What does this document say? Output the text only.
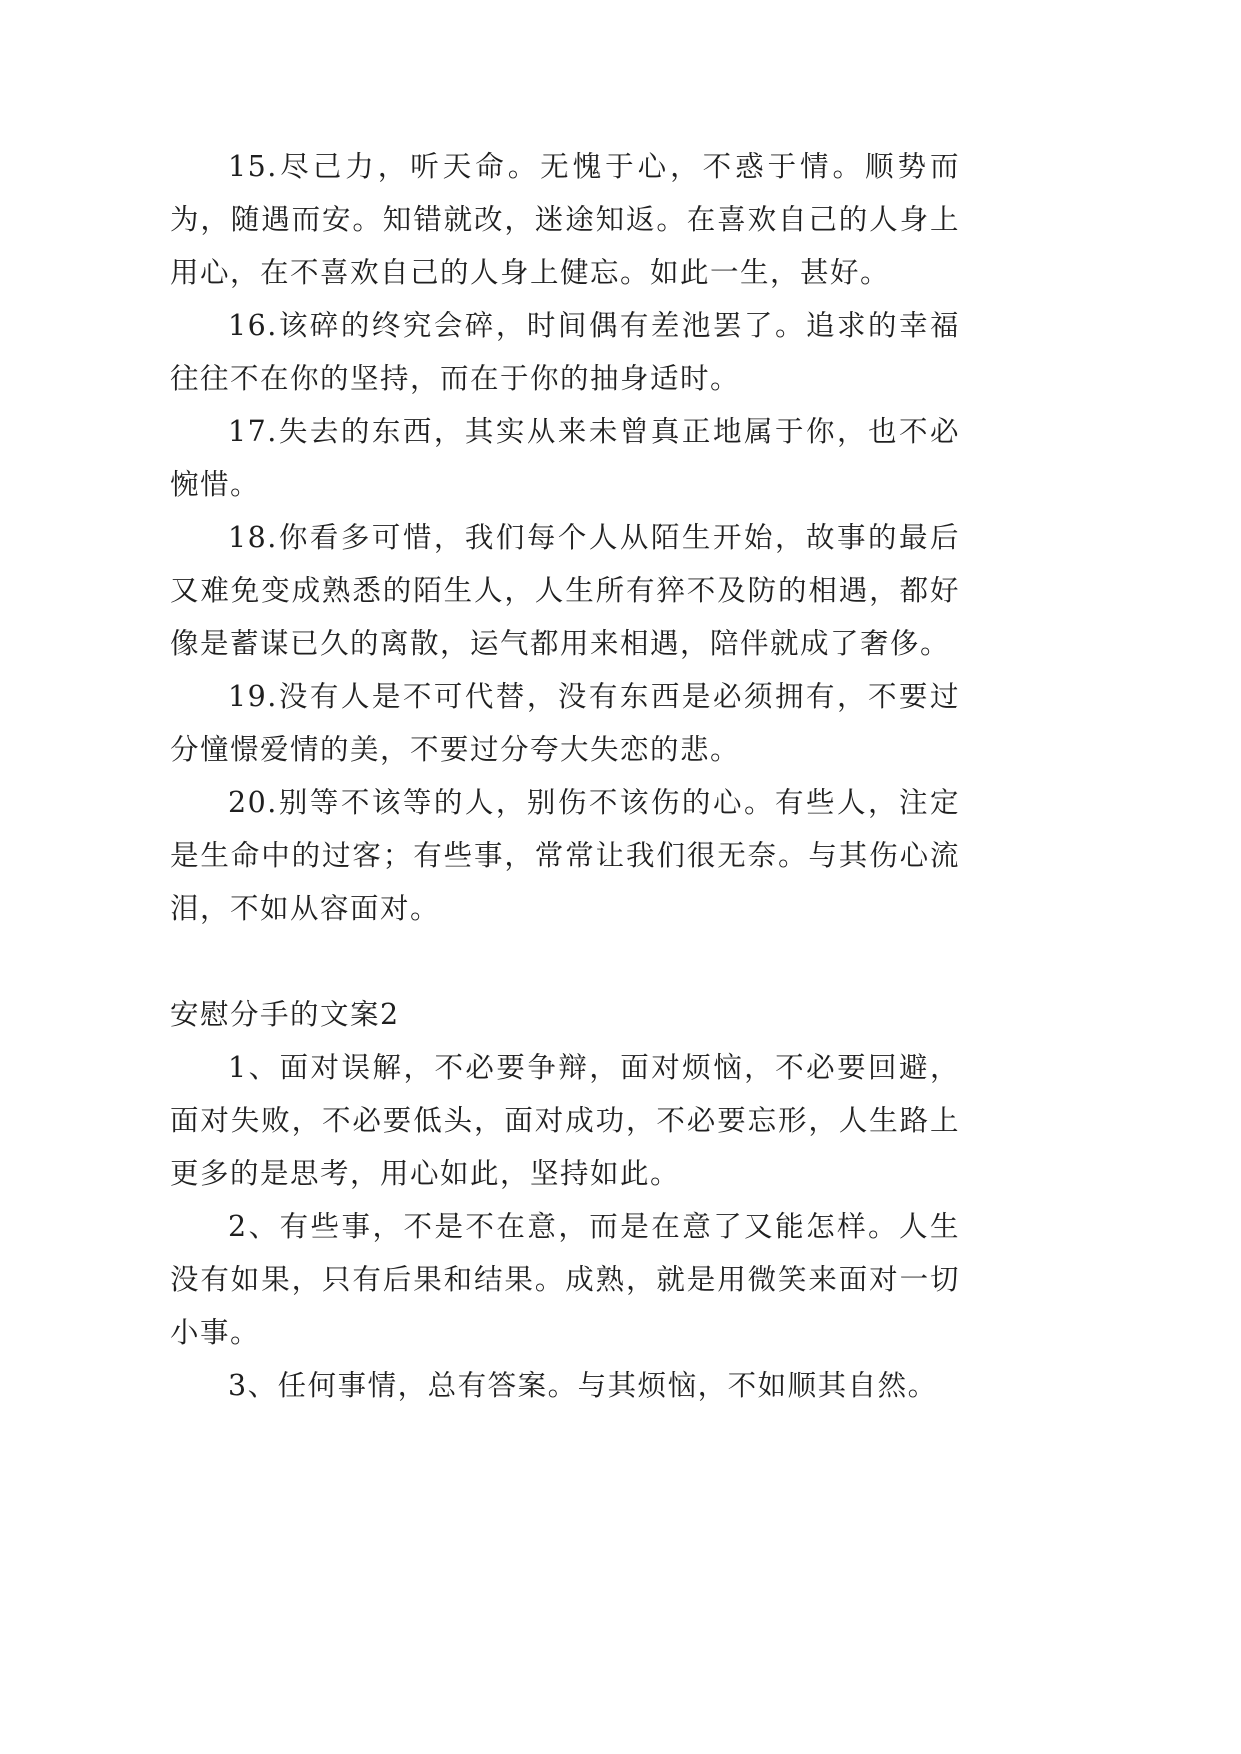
15.尽己力，听天命。无愧于心，不惑于情。顺势而为，随遇而安。知错就改，迷途知返。在喜欢自己的人身上用心，在不喜欢自己的人身上健忘。如此一生，甚好。

16.该碎的终究会碎，时间偶有差池罢了。追求的幸福往往不在你的坚持，而在于你的抽身适时。

17.失去的东西，其实从来未曾真正地属于你，也不必惋惜。

18.你看多可惜，我们每个人从陌生开始，故事的最后又难免变成熟悉的陌生人，人生所有猝不及防的相遇，都好像是蓄谋已久的离散，运气都用来相遇，陪伴就成了奢侈。

19.没有人是不可代替，没有东西是必须拥有，不要过分憧憬爱情的美，不要过分夸大失恋的悲。

20.别等不该等的人，别伤不该伤的心。有些人，注定是生命中的过客；有些事，常常让我们很无奈。与其伤心流泪，不如从容面对。

安慰分手的文案2

1、面对误解，不必要争辩，面对烦恼，不必要回避，面对失败，不必要低头，面对成功，不必要忘形，人生路上更多的是思考，用心如此，坚持如此。

2、有些事，不是不在意，而是在意了又能怎样。人生没有如果，只有后果和结果。成熟，就是用微笑来面对一切小事。

3、任何事情，总有答案。与其烦恼，不如顺其自然。
